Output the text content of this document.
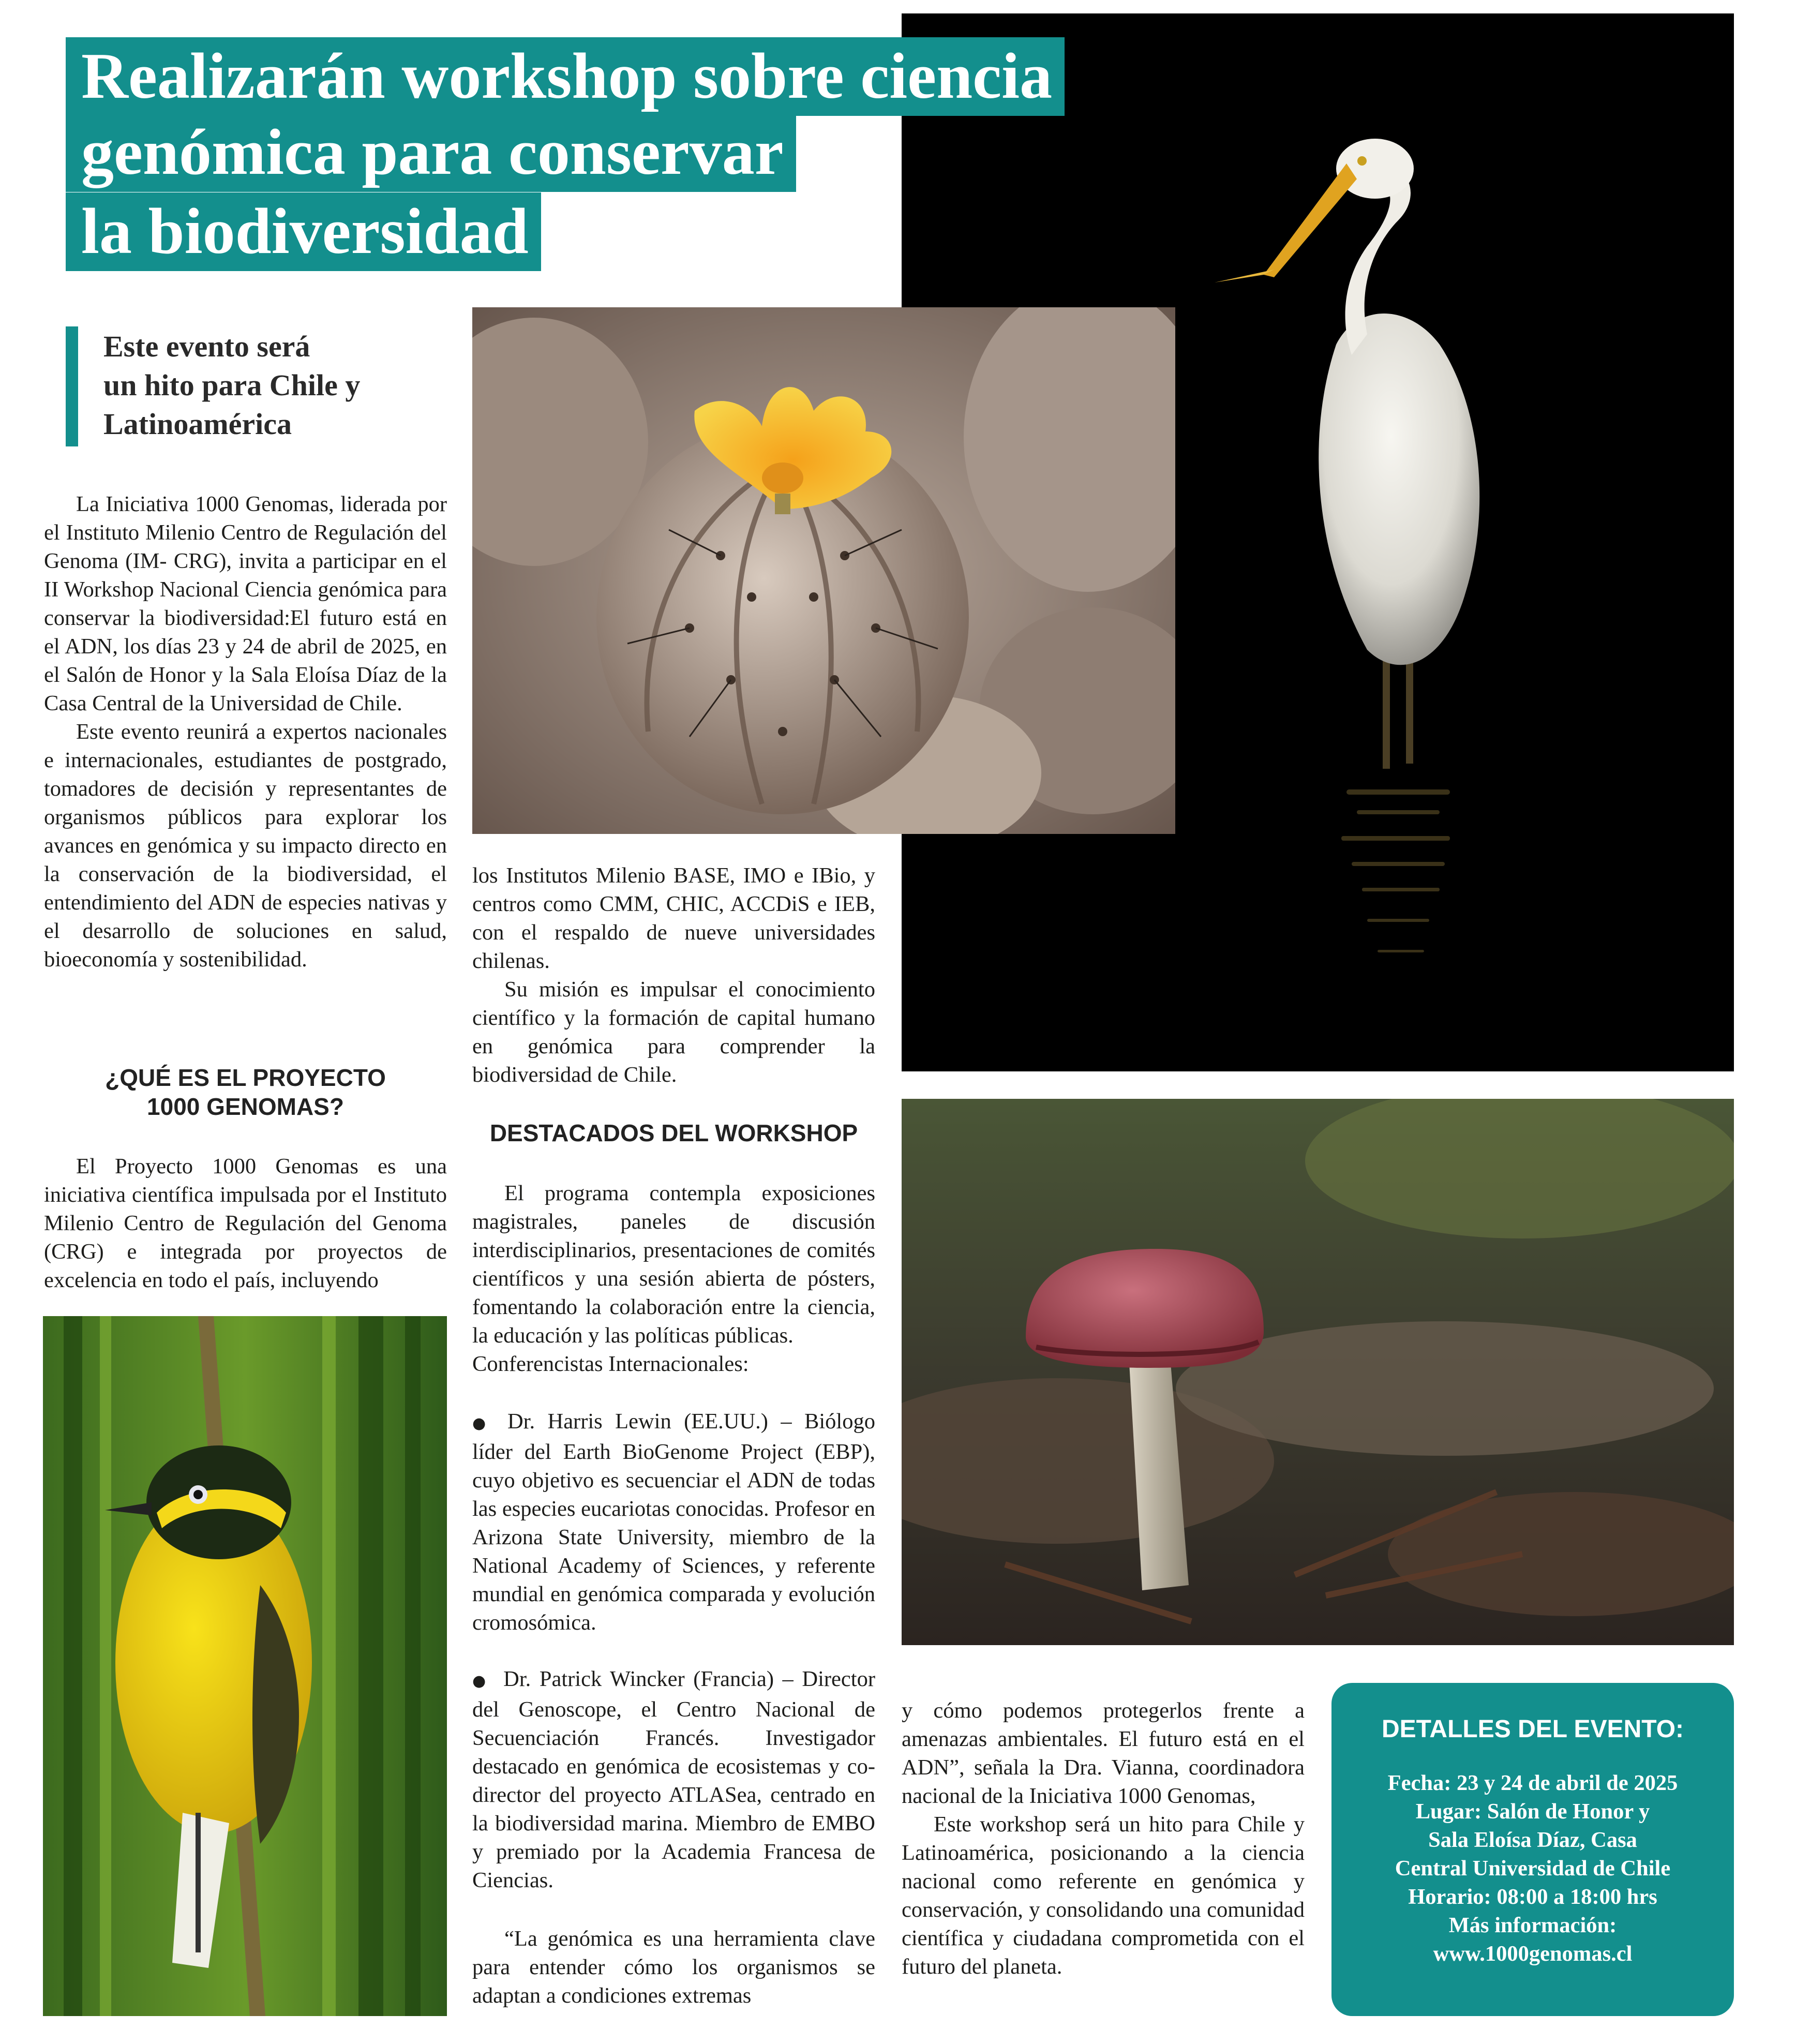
Realizarán workshop sobre ciencia
genómica para conservar
la biodiversidad
Este evento será
un hito para Chile y
Latinoamérica

La Iniciativa 1000 Genomas, liderada por el Instituto Milenio Centro de Regulación del Genoma (IM- CRG), invita a participar en el II Workshop Nacional Ciencia genómica para conservar la biodiversidad:El futuro está en el ADN, los días 23 y 24 de abril de 2025, en el Salón de Honor y la Sala Eloísa Díaz de la Casa Central de la Universidad de Chile.

Este evento reunirá a expertos nacionales e internacionales, estudiantes de postgrado, tomadores de decisión y representantes de organismos públicos para explorar los avances en genómica y su impacto directo en la conservación de la biodiversidad, el entendimiento del ADN de especies nativas y el desarrollo de soluciones en salud, bioeconomía y sostenibilidad.

¿QUÉ ES EL PROYECTO
1000 GENOMAS?

El Proyecto 1000 Genomas es una iniciativa científica impulsada por el Instituto Milenio Centro de Regulación del Genoma (CRG) e integrada por proyectos de excelencia en todo el país, incluyendo

los Institutos Milenio BASE, IMO e IBio, y centros como CMM, CHIC, ACCDiS e IEB, con el respaldo de nueve universidades chilenas.

Su misión es impulsar el conocimiento científico y la formación de capital humano en genómica para comprender la biodiversidad de Chile.

DESTACADOS DEL WORKSHOP

El programa contempla exposiciones magistrales, paneles de discusión interdisciplinarios, presentaciones de comités científicos y una sesión abierta de pósters, fomentando la colaboración entre la ciencia, la educación y las políticas públicas.

Conferencistas Internacionales:

● Dr. Harris Lewin (EE.UU.) – Biólogo líder del Earth BioGenome Project (EBP), cuyo objetivo es secuenciar el ADN de todas las especies eucariotas conocidas. Profesor en Arizona State University, miembro de la National Academy of Sciences, y referente mundial en genómica comparada y evolución cromosómica.

● Dr. Patrick Wincker (Francia) – Director del Genoscope, el Centro Nacional de Secuenciación Francés. Investigador destacado en genómica de ecosistemas y co-director del proyecto ATLASea, centrado en la biodiversidad marina. Miembro de EMBO y premiado por la Academia Francesa de Ciencias.

“La genómica es una herramienta clave para entender cómo los organismos se adaptan a condiciones extremas

y cómo podemos protegerlos frente a amenazas ambientales. El futuro está en el ADN”, señala la Dra. Vianna, coordinadora nacional de la Iniciativa 1000 Genomas,

Este workshop será un hito para Chile y Latinoamérica, posicionando a la ciencia nacional como referente en genómica y conservación, y consolidando una comunidad científica y ciudadana comprometida con el futuro del planeta.

DETALLES DEL EVENTO:
Fecha: 23 y 24 de abril de 2025
Lugar: Salón de Honor y
Sala Eloísa Díaz, Casa
Central Universidad de Chile
Horario: 08:00 a 18:00 hrs
Más información:
www.1000genomas.cl
